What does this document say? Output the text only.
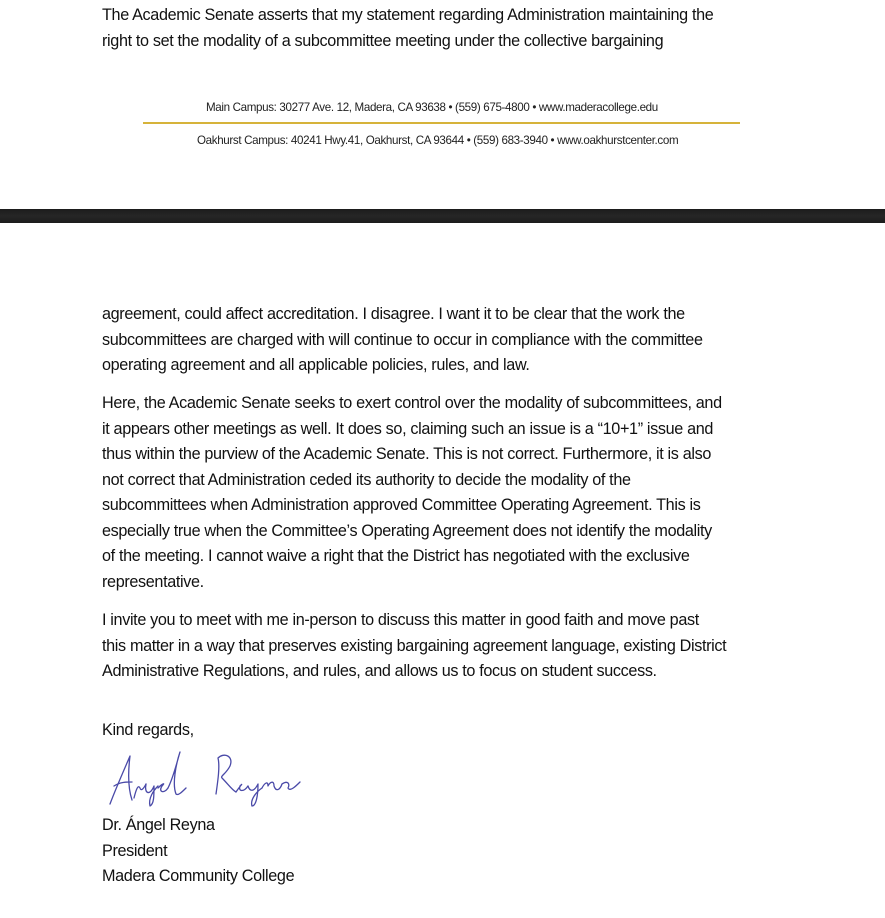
The Academic Senate asserts that my statement regarding Administration maintaining the
right to set the modality of a subcommittee meeting under the collective bargaining
Main Campus: 30277 Ave. 12, Madera, CA 93638 • (559) 675-4800 • www.maderacollege.edu
Oakhurst Campus: 40241 Hwy.41, Oakhurst, CA 93644 • (559) 683-3940 • www.oakhurstcenter.com
agreement, could affect accreditation. I disagree. I want it to be clear that the work the
subcommittees are charged with will continue to occur in compliance with the committee
operating agreement and all applicable policies, rules, and law.
Here, the Academic Senate seeks to exert control over the modality of subcommittees, and
it appears other meetings as well. It does so, claiming such an issue is a “10+1” issue and
thus within the purview of the Academic Senate. This is not correct. Furthermore, it is also
not correct that Administration ceded its authority to decide the modality of the
subcommittees when Administration approved Committee Operating Agreement. This is
especially true when the Committee’s Operating Agreement does not identify the modality
of the meeting. I cannot waive a right that the District has negotiated with the exclusive
representative.
I invite you to meet with me in-person to discuss this matter in good faith and move past
this matter in a way that preserves existing bargaining agreement language, existing District
Administrative Regulations, and rules, and allows us to focus on student success.
Kind regards,
Dr. Ángel Reyna
President
Madera Community College
